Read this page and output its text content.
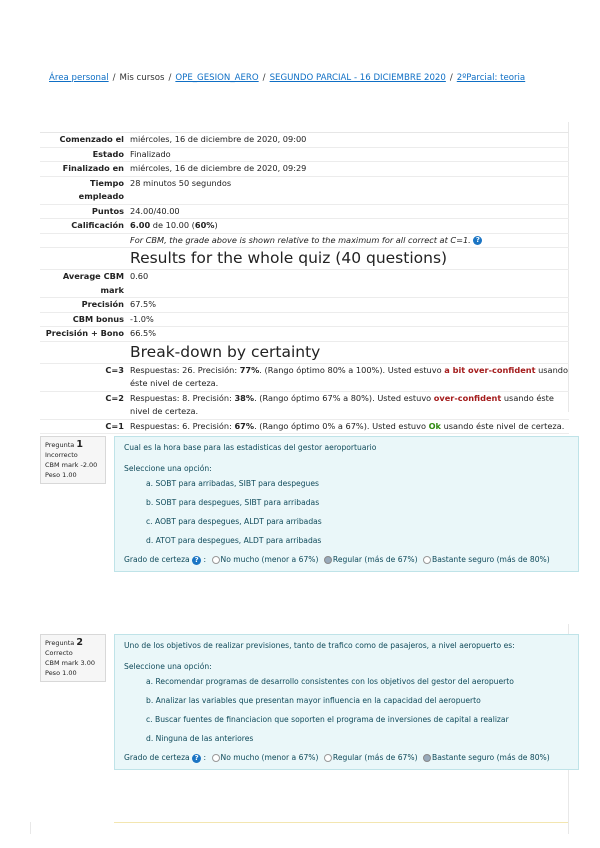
Área personal / Mis cursos / OPE_GESION_AERO / SEGUNDO PARCIAL - 16 DICIEMBRE 2020 / 2ºParcial: teoria
Comenzado el miércoles, 16 de diciembre de 2020, 09:00
Estado Finalizado
Finalizado en miércoles, 16 de diciembre de 2020, 09:29
Tiempo
empleado
28 minutos 50 segundos
Puntos 24.00/40.00
Calificación 6.00 de 10.00 (60%)
For CBM, the grade above is shown relative to the maximum for all correct at C=1. ?
Results for the whole quiz (40 questions)
Average CBM
mark
0.60
Precisión 67.5%
CBM bonus -1.0%
Precisión + Bono 66.5%
Break-down by certainty
C=3 Respuestas: 26. Precisión: 77%. (Rango óptimo 80% a 100%). Usted estuvo a bit over-confident usando éste nivel de certeza.
C=2 Respuestas: 8. Precisión: 38%. (Rango óptimo 67% a 80%). Usted estuvo over-confident usando éste nivel de certeza.
C=1 Respuestas: 6. Precisión: 67%. (Rango óptimo 0% a 67%). Usted estuvo Ok usando éste nivel de certeza.
Pregunta 1
Incorrecto
CBM mark -2.00
Peso 1.00

Cual es la hora base para las estadisticas del gestor aeroportuario

Seleccione una opción:

a. SOBT para arribadas, SIBT para despegues
b. SOBT para despegues, SIBT para arribadas
c. AOBT para despegues, ALDT para arribadas
d. ATOT para despegues, ALDT para arribadas
Grado de certeza ? : No mucho (menor a 67%) Regular (más de 67%) Bastante seguro (más de 80%)
Pregunta 2
Correcto
CBM mark 3.00
Peso 1.00

Uno de los objetivos de realizar previsiones, tanto de trafico como de pasajeros, a nivel aeropuerto es:

Seleccione una opción:

a. Recomendar programas de desarrollo consistentes con los objetivos del gestor del aeropuerto
b. Analizar las variables que presentan mayor influencia en la capacidad del aeropuerto
c. Buscar fuentes de financiacion que soporten el programa de inversiones de capital a realizar
d. Ninguna de las anteriores
Grado de certeza ? : No mucho (menor a 67%) Regular (más de 67%) Bastante seguro (más de 80%)
